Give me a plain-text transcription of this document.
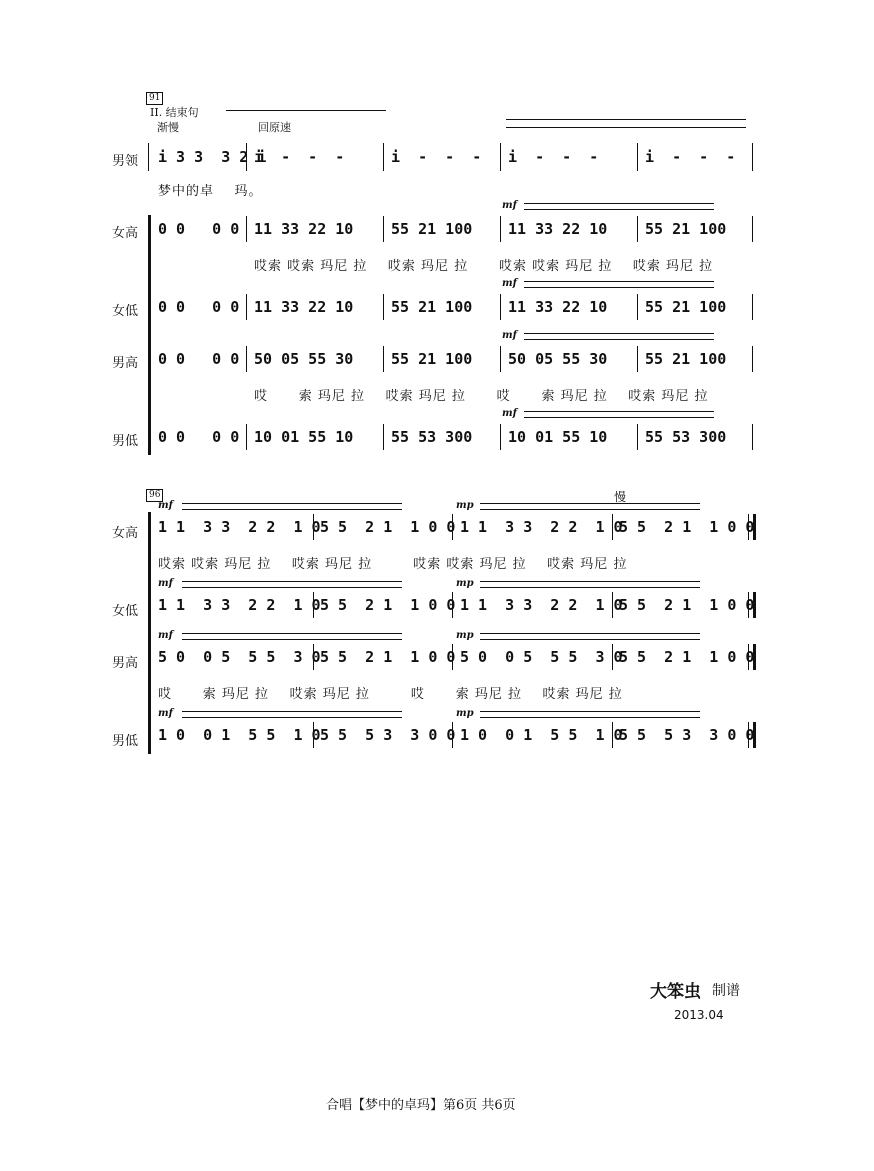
91
II. 结束句
渐慢	回原速
男领	i 3 3  3 2 i
i  -  -  -	i  -  -  - i  -  -  -	i  -  -  -
梦中的卓    玛。
mf
女高	0 0   0 0 11 33 22 10	55 21 100 11 33 22 10	55 21 100
哎索 哎索 玛尼 拉    哎索 玛尼 拉      哎索 哎索 玛尼 拉    哎索 玛尼 拉
mf
女低	0 0   0 0 11 33 22 10	55 21 100 11 33 22 10	55 21 100
mf
男高	0 0   0 0 50 05 55 30	55 21 100 50 05 55 30	55 21 100
哎      索 玛尼 拉    哎索 玛尼 拉      哎      索 玛尼 拉    哎索 玛尼 拉
mf
男低	0 0   0 0 10 01 55 10	55 53 300 10 01 55 10	55 53 300
96	慢
mf	mp
女高	1 1  3 3  2 2  1 0 5 5  2 1  1 0 0 1 1  3 3  2 2  1 0
5 5  2 1  1 0 0
哎索 哎索 玛尼 拉    哎索 玛尼 拉        哎索 哎索 玛尼 拉    哎索 玛尼 拉
mf	mp
女低	1 1  3 3  2 2  1 0 5 5  2 1  1 0 0 1 1  3 3  2 2  1 0
5 5  2 1  1 0 0
mf	mp
男高	5 0  0 5  5 5  3 0 5 5  2 1  1 0 0 5 0  0 5  5 5  3 0
5 5  2 1  1 0 0
哎      索 玛尼 拉    哎索 玛尼 拉        哎      索 玛尼 拉    哎索 玛尼 拉
mf	mp
男低	1 0  0 1  5 5  1 0 5 5  5 3  3 0 0 1 0  0 1  5 5  1 0
5 5  5 3  3 0 0
大笨虫 制谱
2013.04
合唱【梦中的卓玛】第6页 共6页
